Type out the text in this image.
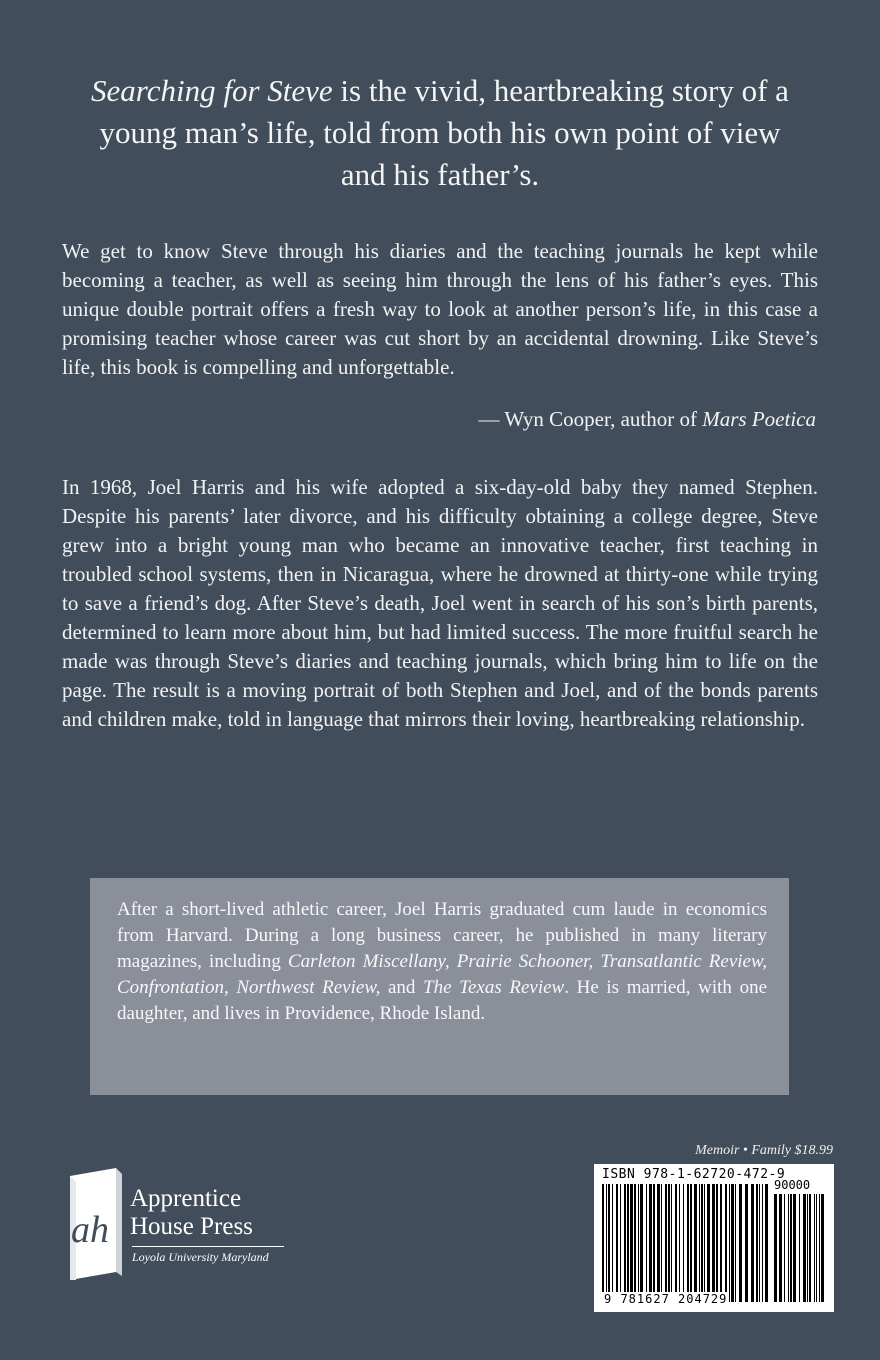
Searching for Steve is the vivid, heartbreaking story of a young man’s life, told from both his own point of view and his father’s.

We get to know Steve through his diaries and the teaching journals he kept while becoming a teacher, as well as seeing him through the lens of his father’s eyes. This unique double portrait offers a fresh way to look at another person’s life, in this case a promising teacher whose career was cut short by an accidental drowning. Like Steve’s life, this book is compelling and unforgettable.

— Wyn Cooper, author of Mars Poetica

In 1968, Joel Harris and his wife adopted a six-day-old baby they named Stephen. Despite his parents’ later divorce, and his difficulty obtaining a college degree, Steve grew into a bright young man who became an innovative teacher, first teaching in troubled school systems, then in Nicaragua, where he drowned at thirty-one while trying to save a friend’s dog. After Steve’s death, Joel went in search of his son’s birth parents, determined to learn more about him, but had limited success. The more fruitful search he made was through Steve’s diaries and teaching journals, which bring him to life on the page. The result is a moving portrait of both Stephen and Joel, and of the bonds parents and children make, told in language that mirrors their loving, heartbreaking relationship.

After a short-lived athletic career, Joel Harris graduated cum laude in economics from Harvard. During a long business career, he published in many literary magazines, including Carleton Miscellany, Prairie Schooner, Transatlantic Review, Confrontation, Northwest Review, and The Texas Review. He is married, with one daughter, and lives in Providence, Rhode Island.

ah
Apprentice
House Press
Loyola University Maryland
Memoir • Family $18.99
ISBN 978-1-62720-472-9
90000
9 781627 204729
